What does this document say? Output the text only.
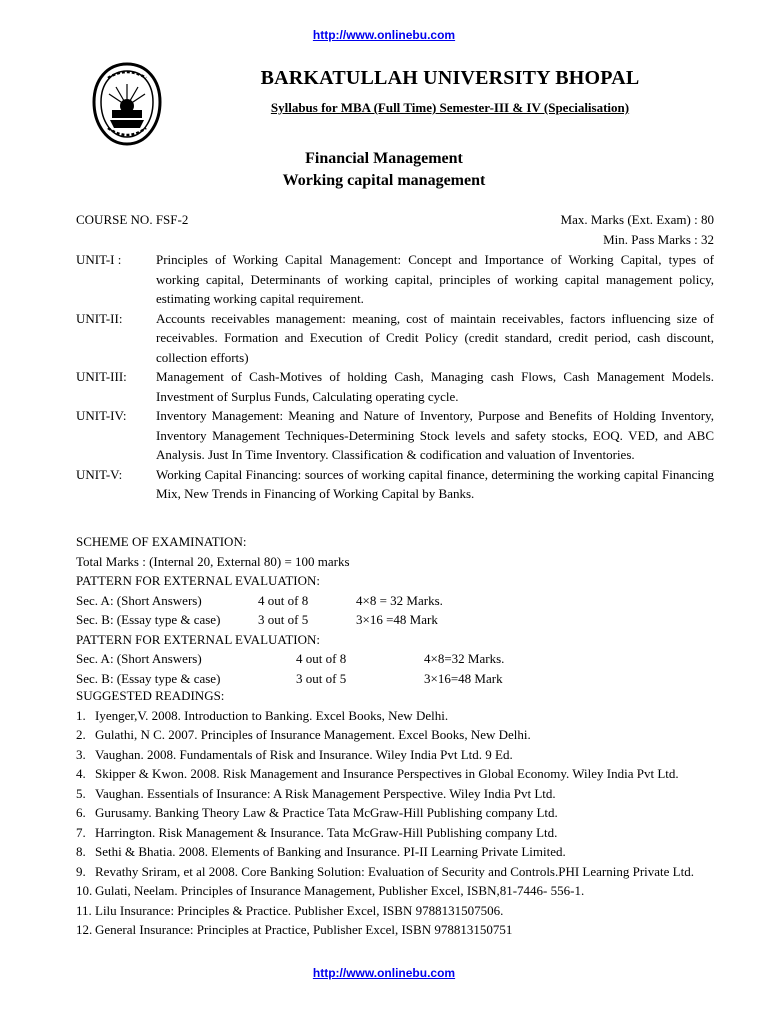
http://www.onlinebu.com
BARKATULLAH UNIVERSITY BHOPAL
Syllabus for MBA (Full Time) Semester-III & IV (Specialisation)
Financial Management
Working capital management
COURSE NO. FSF-2	Max. Marks (Ext. Exam) : 80
Min. Pass Marks : 32
UNIT-I :	Principles of Working Capital Management: Concept and Importance of Working Capital, types of working capital, Determinants of working capital, principles of working capital management policy, estimating working capital requirement.
UNIT-II:	Accounts receivables management: meaning, cost of maintain receivables, factors influencing size of receivables. Formation and Execution of Credit Policy (credit standard, credit period, cash discount, collection efforts)
UNIT-III:	Management of Cash-Motives of holding Cash, Managing cash Flows, Cash Management Models. Investment of Surplus Funds, Calculating operating cycle.
UNIT-IV:	Inventory Management: Meaning and Nature of Inventory, Purpose and Benefits of Holding Inventory, Inventory Management Techniques-Determining Stock levels and safety stocks, EOQ. VED, and ABC Analysis. Just In Time Inventory. Classification & codification and valuation of Inventories.
UNIT-V:	Working Capital Financing: sources of working capital finance, determining the working capital Financing Mix, New Trends in Financing of Working Capital by Banks.
SCHEME OF EXAMINATION:
Total Marks : (Internal 20, External 80) = 100 marks
PATTERN FOR EXTERNAL EVALUATION:
Sec. A: (Short Answers)	4 out of 8	4×8 = 32 Marks.
Sec. B: (Essay type & case)	3 out of 5	3×16 =48 Mark
PATTERN FOR EXTERNAL EVALUATION:
Sec. A: (Short Answers)	4 out of 8	4×8=32 Marks.
Sec. B: (Essay type & case)	3 out of 5	3×16=48 Mark
SUGGESTED READINGS:
1. Iyenger,V. 2008. Introduction to Banking. Excel Books, New Delhi.
2. Gulathi, N C. 2007. Principles of Insurance Management. Excel Books, New Delhi.
3. Vaughan. 2008. Fundamentals of Risk and Insurance. Wiley India Pvt Ltd. 9 Ed.
4. Skipper & Kwon. 2008. Risk Management and Insurance Perspectives in Global Economy. Wiley India Pvt Ltd.
5. Vaughan. Essentials of Insurance: A Risk Management Perspective. Wiley India Pvt Ltd.
6. Gurusamy. Banking Theory Law & Practice Tata McGraw-Hill Publishing company Ltd.
7. Harrington. Risk Management & Insurance. Tata McGraw-Hill Publishing company Ltd.
8. Sethi & Bhatia. 2008. Elements of Banking and Insurance. PI-II Learning Private Limited.
9. Revathy Sriram, et al 2008. Core Banking Solution: Evaluation of Security and Controls.PHI Learning Private Ltd.
10. Gulati, Neelam. Principles of Insurance Management, Publisher Excel, ISBN,81-7446- 556-1.
11. Lilu Insurance: Principles & Practice. Publisher Excel, ISBN 9788131507506.
12. General Insurance: Principles at Practice, Publisher Excel, ISBN 978813150751
http://www.onlinebu.com
